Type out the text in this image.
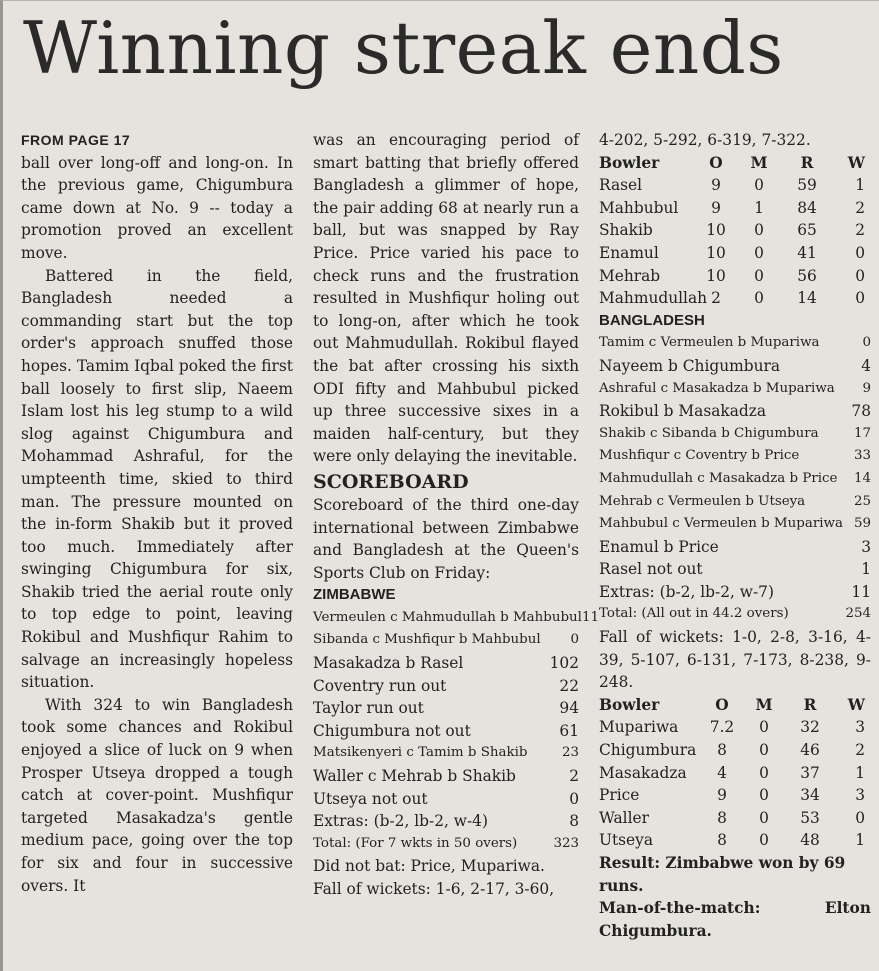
Winning streak ends
FROM PAGE 17

ball over long-off and long-on. In the previous game, Chigumbura came down at No. 9 -- today a promotion proved an excellent move.

Battered in the field, Bangladesh needed a commanding start but the top order's approach snuffed those hopes. Tamim Iqbal poked the first ball loosely to first slip, Naeem Islam lost his leg stump to a wild slog against Chigumbura and Mohammad Ashraful, for the umpteenth time, skied to third man. The pressure mounted on the in-form Shakib but it proved too much. Immediately after swinging Chigumbura for six, Shakib tried the aerial route only to top edge to point, leaving Rokibul and Mushfiqur Rahim to salvage an increasingly hopeless situation.

With 324 to win Bangladesh took some chances and Rokibul enjoyed a slice of luck on 9 when Prosper Utseya dropped a tough catch at cover-point. Mushfiqur targeted Masakadza's gentle medium pace, going over the top for six and four in successive overs. It

was an encouraging period of smart batting that briefly offered Bangladesh a glimmer of hope, the pair adding 68 at nearly run a ball, but was snapped by Ray Price. Price varied his pace to check runs and the frustration resulted in Mushfiqur holing out to long-on, after which he took out Mahmudullah. Rokibul flayed the bat after crossing his sixth ODI fifty and Mahbubul picked up three successive sixes in a maiden half-century, but they were only delaying the inevitable.

SCOREBOARD

Scoreboard of the third one-day international between Zimbabwe and Bangladesh at the Queen's Sports Club on Friday:

ZIMBABWE
Vermeulen c Mahmudullah b Mahbubul 11
Sibanda c Mushfiqur b Mahbubul	0
Masakadza b Rasel	102
Coventry run out	22
Taylor run out	94
Chigumbura not out	61
Matsikenyeri c Tamim b Shakib	23
Waller c Mehrab b Shakib	2
Utseya not out	0
Extras: (b-2, lb-2, w-4)	8
Total: (For 7 wkts in 50 overs)	323
Did not bat: Price, Mupariwa.
Fall of wickets: 1-6, 2-17, 3-60,
4-202, 5-292, 6-319, 7-322.
Bowler	O	M	R	W
Rasel	9	0	59	1
Mahbubul	9	1	84	2
Shakib	10	0	65	2
Enamul	10	0	41	0
Mehrab	10	0	56	0
Mahmudullah 2	0	14	0
BANGLADESH
Tamim c Vermeulen b Mupariwa	0
Nayeem b Chigumbura	4
Ashraful c Masakadza b Mupariwa	9
Rokibul b Masakadza	78
Shakib c Sibanda b Chigumbura	17
Mushfiqur c Coventry b Price	33
Mahmudullah c Masakadza b Price	14
Mehrab c Vermeulen b Utseya	25
Mahbubul c Vermeulen b Mupariwa 59
Enamul b Price	3
Rasel not out	1
Extras: (b-2, lb-2, w-7)	11
Total: (All out in 44.2 overs)	254
Fall of wickets: 1-0, 2-8, 3-16, 4-39, 5-107, 6-131, 7-173, 8-238, 9-248.
Bowler	O	M	R	W
Mupariwa	7.2	0	32	3
Chigumbura	8	0	46	2
Masakadza	4	0	37	1
Price	9	0	34	3
Waller	8	0	53	0
Utseya	8	0	48	1
Result: Zimbabwe won by 69 runs.
Man-of-the-match: Elton Chigumbura.
